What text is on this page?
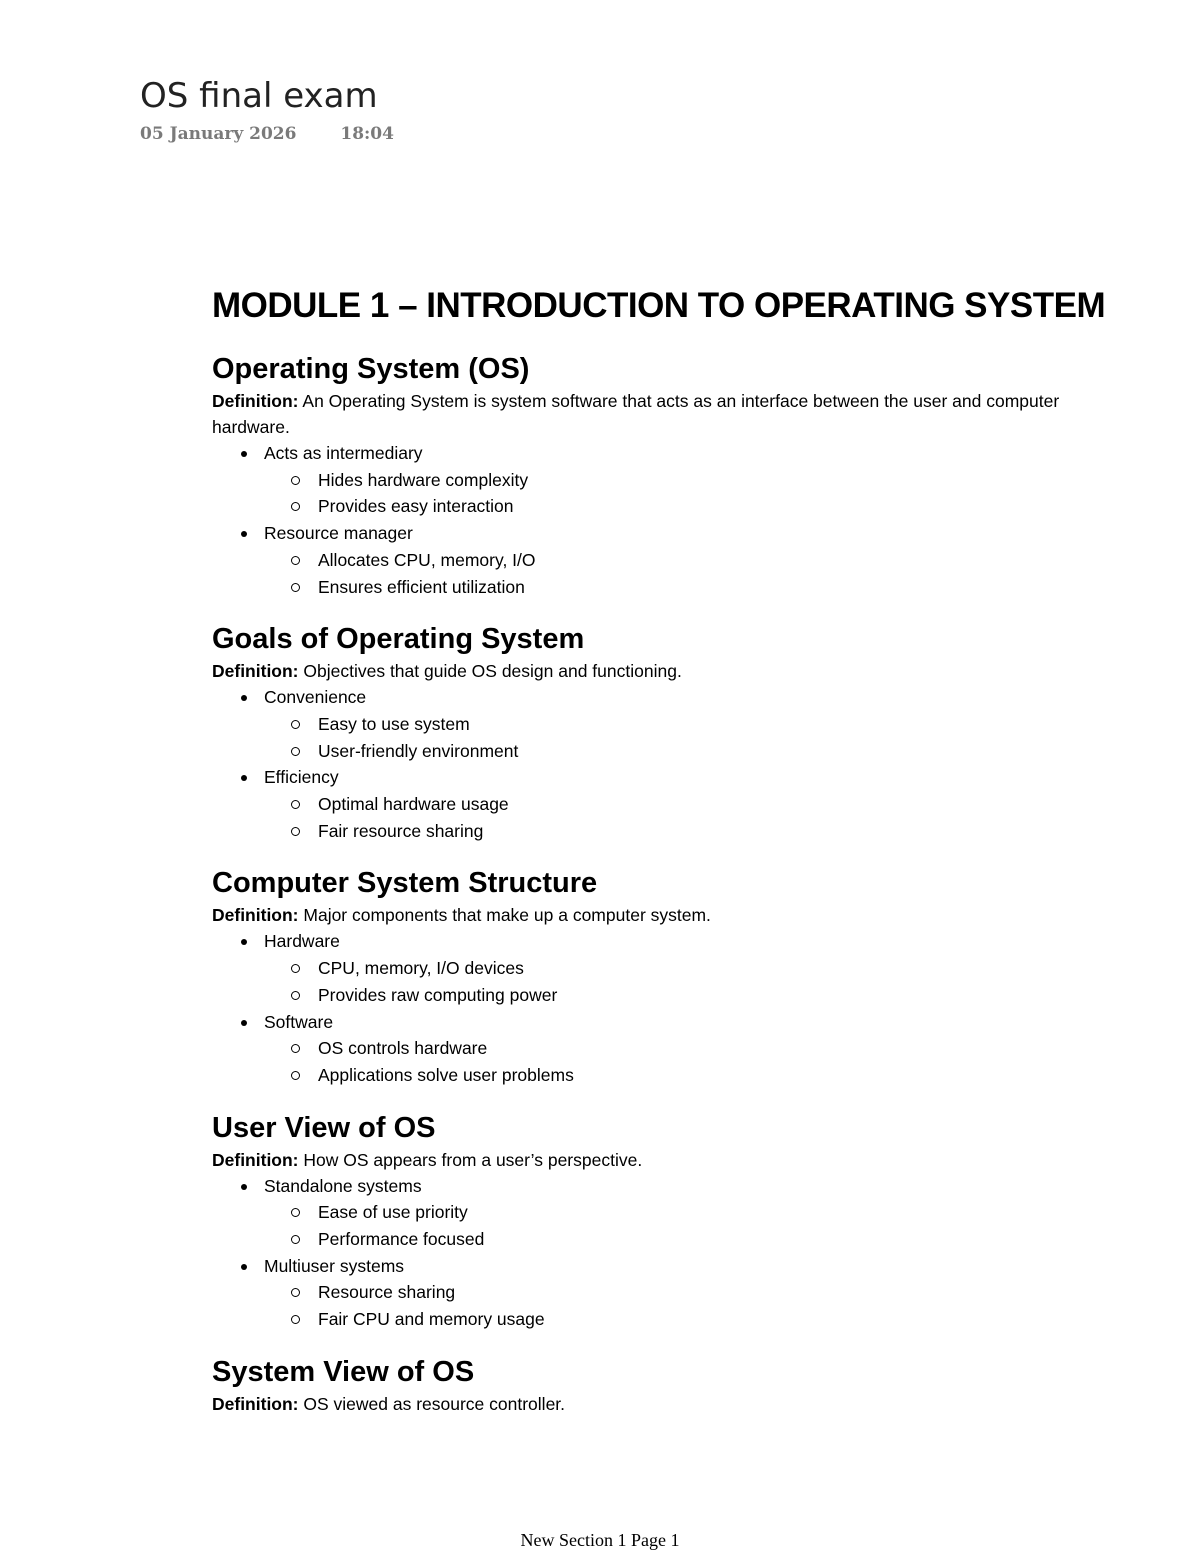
OS final exam
05 January 2026	18:04
MODULE 1 – INTRODUCTION TO OPERATING SYSTEM
Operating System (OS)

Definition: An Operating System is system software that acts as an interface between the user and computer hardware.

Acts as intermediary
Hides hardware complexity
Provides easy interaction
Resource manager
Allocates CPU, memory, I/O
Ensures efficient utilization
Goals of Operating System

Definition: Objectives that guide OS design and functioning.

Convenience
Easy to use system
User-friendly environment
Efficiency
Optimal hardware usage
Fair resource sharing
Computer System Structure

Definition: Major components that make up a computer system.

Hardware
CPU, memory, I/O devices
Provides raw computing power
Software
OS controls hardware
Applications solve user problems
User View of OS

Definition: How OS appears from a user’s perspective.

Standalone systems
Ease of use priority
Performance focused
Multiuser systems
Resource sharing
Fair CPU and memory usage
System View of OS

Definition: OS viewed as resource controller.

New Section 1 Page 1
